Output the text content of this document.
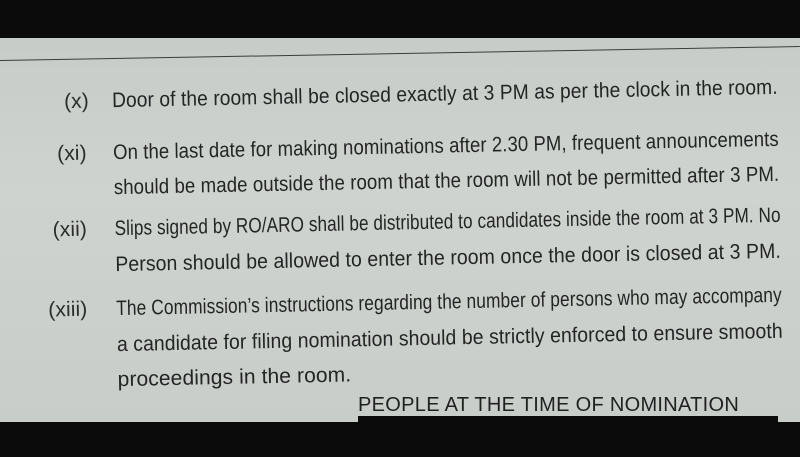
(x) Door of the room shall be closed exactly at 3 PM as per the clock in the room.
(xi) On the last date for making nominations after 2.30 PM, frequent announcements
should be made outside the room that the room will not be permitted after 3 PM.
(xii) Slips signed by RO/ARO shall be distributed to candidates inside the room at 3 PM. No
Person should be allowed to enter the room once the door is closed at 3 PM.
(xiii) The Commission’s instructions regarding the number of persons who may accompany
a candidate for filing nomination should be strictly enforced to ensure smooth
proceedings in the room.
PEOPLE AT THE TIME OF NOMINATION
